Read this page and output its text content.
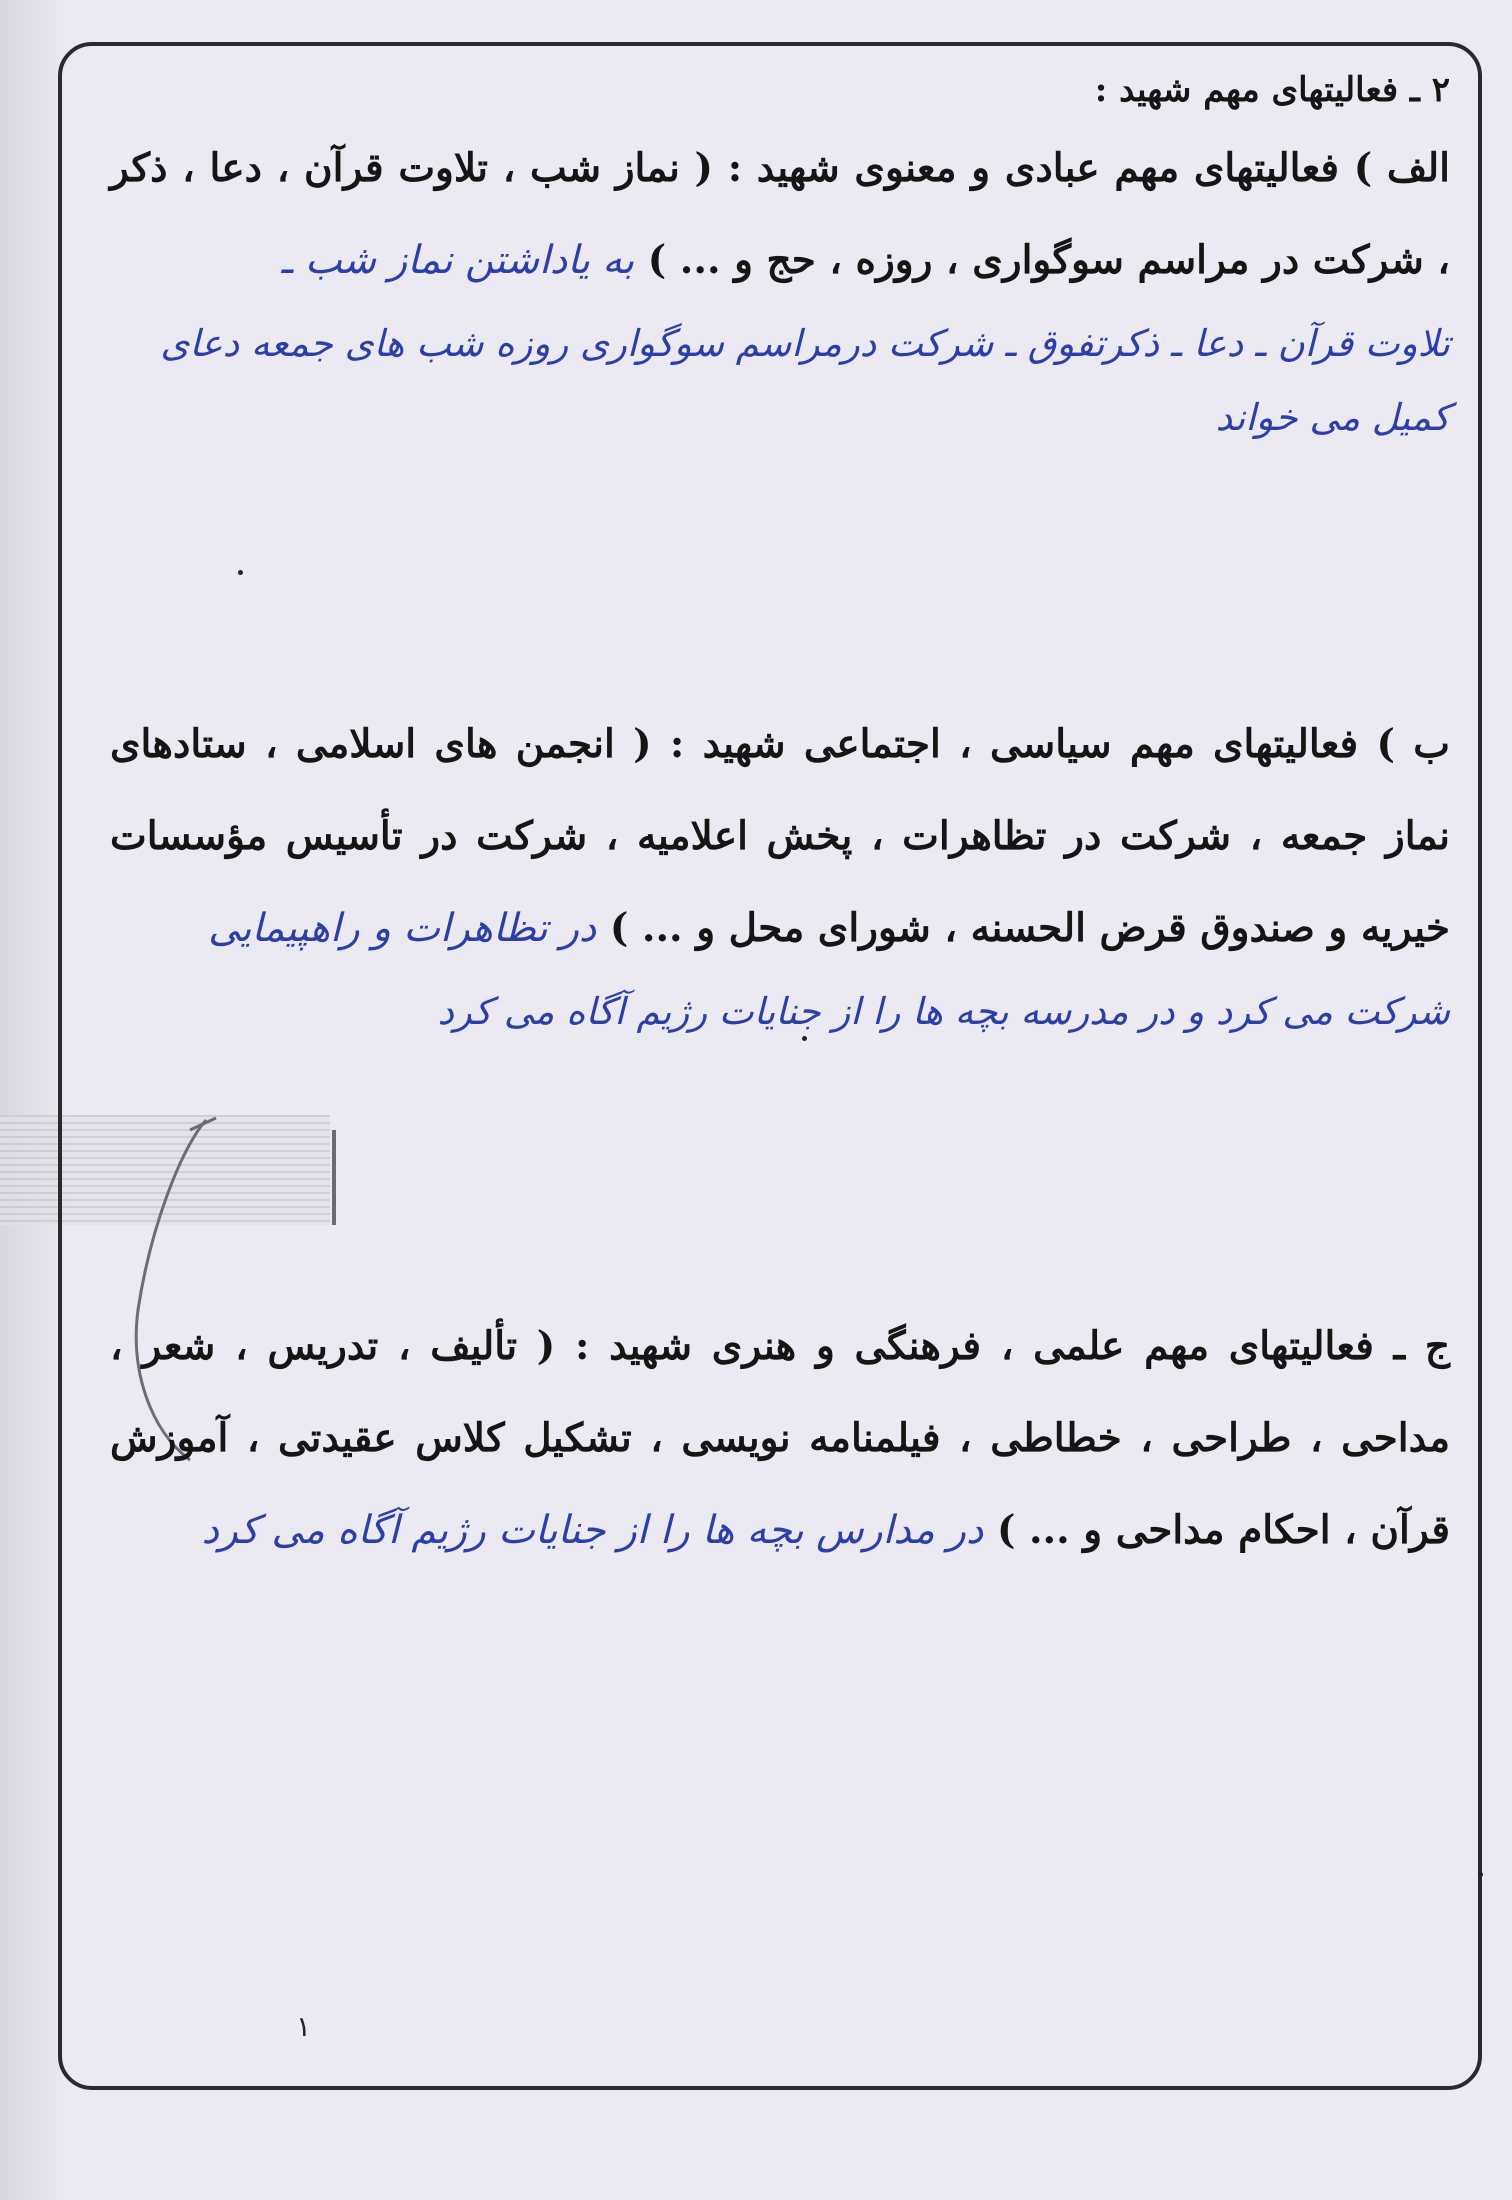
۲ ـ فعالیتهای مهم شهید :

الف ) فعالیتهای مهم عبادی و معنوی شهید : ( نماز شب ، تلاوت قرآن ، دعا ، ذکر ، شرکت در مراسم سوگواری ، روزه ، حج و ... ) به یاداشتن نماز شب ـ

تلاوت قرآن ـ دعا ـ ذکرتفوق ـ شرکت درمراسم سوگواری روزه شب های جمعه دعای کمیل می خواند

ب ) فعالیتهای مهم سیاسی ، اجتماعی شهید : ( انجمن های اسلامی ، ستادهای نماز جمعه ، شرکت در تظاهرات ، پخش اعلامیه ، شرکت در تأسیس مؤسسات خیریه و صندوق قرض الحسنه ، شورای محل و ... ) در تظاهرات و راهپیمایی

شرکت می کرد و در مدرسه بچه ها را از جنایات رژیم آگاه می کرد

ج ـ فعالیتهای مهم علمی ، فرهنگی و هنری شهید : ( تألیف ، تدریس ، شعر ، مداحی ، طراحی ، خطاطی ، فیلمنامه نویسی ، تشکیل کلاس عقیدتی ، آموزش قرآن ، احکام مداحی و ... ) در مدارس بچه ها را از جنایات رژیم آگاه می کرد

۱
